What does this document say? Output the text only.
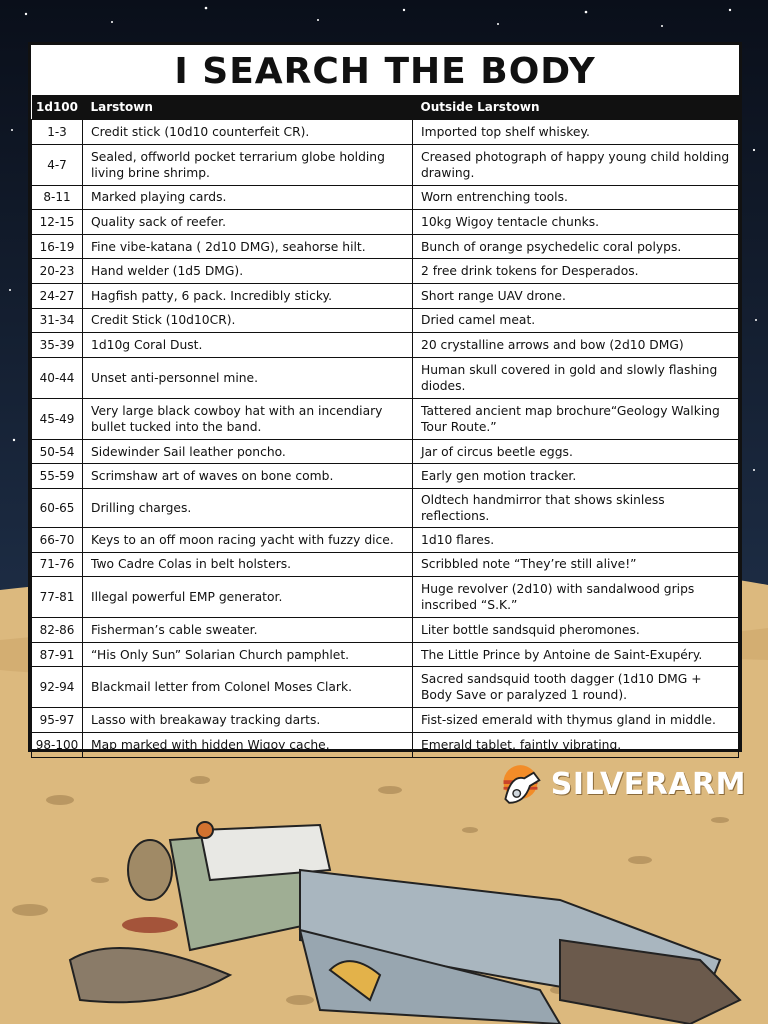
I SEARCH THE BODY
1d100	Larstown	Outside Larstown
1-3	Credit stick (10d10 counterfeit CR).	Imported top shelf whiskey.
4-7	Sealed, offworld pocket terrarium globe holding living brine shrimp.	Creased photograph of happy young child holding drawing.
8-11	Marked playing cards.	Worn entrenching tools.
12-15	Quality sack of reefer.	10kg Wigoy tentacle chunks.
16-19	Fine vibe-katana ( 2d10 DMG), seahorse hilt.	Bunch of orange psychedelic coral polyps.
20-23	Hand welder (1d5 DMG).	2 free drink tokens for Desperados.
24-27	Hagfish patty, 6 pack. Incredibly sticky.	Short range UAV drone.
31-34	Credit Stick (10d10CR).	Dried camel meat.
35-39	1d10g Coral Dust.	20 crystalline arrows and bow (2d10 DMG)
40-44	Unset anti-personnel mine.	Human skull covered in gold and slowly flashing diodes.
45-49	Very large black cowboy hat with an incendiary bullet tucked into the band.	Tattered ancient map brochure“Geology Walking Tour Route.”
50-54	Sidewinder Sail leather poncho.	Jar of circus beetle eggs.
55-59	Scrimshaw art of waves on bone comb.	Early gen motion tracker.
60-65	Drilling charges.	Oldtech handmirror that shows skinless reflections.
66-70	Keys to an off moon racing yacht with fuzzy dice.	1d10 flares.
71-76	Two Cadre Colas in belt holsters.	Scribbled note “They’re still alive!”
77-81	Illegal powerful EMP generator.	Huge revolver (2d10) with sandalwood grips inscribed “S.K.”
82-86	Fisherman’s cable sweater.	Liter bottle sandsquid pheromones.
87-91	“His Only Sun” Solarian Church pamphlet.	The Little Prince by Antoine de Saint-Exupéry.
92-94	Blackmail letter from Colonel Moses Clark.	Sacred sandsquid tooth dagger (1d10 DMG + Body Save or paralyzed 1 round).
95-97	Lasso with breakaway tracking darts.	Fist-sized emerald with thymus gland in middle.
98-100	Map marked with hidden Wigoy cache.	Emerald tablet, faintly vibrating.
SILVERARM
